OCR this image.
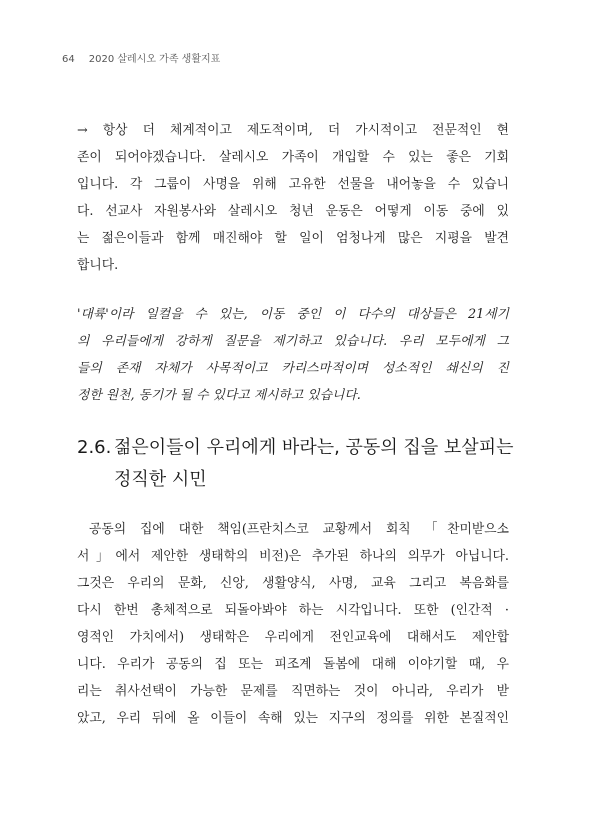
64 2020 살레시오 가족 생활지표
→ 항상 더 체계적이고 제도적이며, 더 가시적이고 전문적인 현
존이 되어야겠습니다. 살레시오 가족이 개입할 수 있는 좋은 기회
입니다. 각 그룹이 사명을 위해 고유한 선물을 내어놓을 수 있습니
다. 선교사 자원봉사와 살레시오 청년 운동은 어떻게 이동 중에 있
는 젊은이들과 함께 매진해야 할 일이 엄청나게 많은 지평을 발견
합니다.
'대륙'이라 일컬을 수 있는, 이동 중인 이 다수의 대상들은 21세기
의 우리들에게 강하게 질문을 제기하고 있습니다. 우리 모두에게 그
들의 존재 자체가 사목적이고 카리스마적이며 성소적인 쇄신의 진
정한 원천, 동기가 될 수 있다고 제시하고 있습니다.
2.6. 젊은이들이 우리에게 바라는, 공동의 집을 보살피는
정직한 시민
공동의 집에 대한 책임(프란치스코 교황께서 회칙 「찬미받으소
서」에서 제안한 생태학의 비전)은 추가된 하나의 의무가 아닙니다.
그것은 우리의 문화, 신앙, 생활양식, 사명, 교육 그리고 복음화를
다시 한번 총체적으로 되돌아봐야 하는 시각입니다. 또한 (인간적 ·
영적인 가치에서) 생태학은 우리에게 전인교육에 대해서도 제안합
니다. 우리가 공동의 집 또는 피조계 돌봄에 대해 이야기할 때, 우
리는 취사선택이 가능한 문제를 직면하는 것이 아니라, 우리가 받
았고, 우리 뒤에 올 이들이 속해 있는 지구의 정의를 위한 본질적인
